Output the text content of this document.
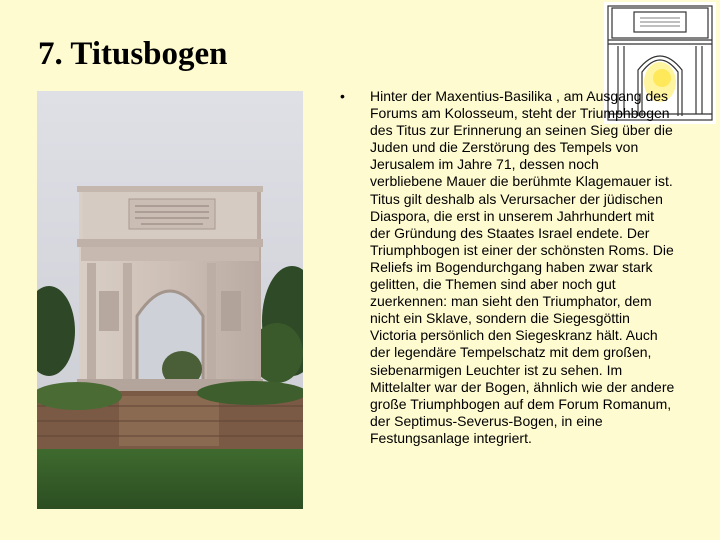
7. Titusbogen
• Hinter der Maxentius-Basilika , am Ausgang des Forums am Kolosseum, steht der Triumphbogen des Titus zur Erinnerung an seinen Sieg über die Juden und die Zerstörung des Tempels von Jerusalem im Jahre 71, dessen noch verbliebene Mauer die berühmte Klagemauer ist. Titus gilt deshalb als Verursacher der jüdischen Diaspora, die erst in unserem Jahrhundert mit der Gründung des Staates Israel endete. Der Triumphbogen ist einer der schönsten Roms. Die Reliefs im Bogendurchgang haben zwar stark gelitten, die Themen sind aber noch gut zuerkennen: man sieht den Triumphator, dem nicht ein Sklave, sondern die Siegesgöttin Victoria persönlich den Siegeskranz hält. Auch der legendäre Tempelschatz mit dem großen, siebenarmigen Leuchter ist zu sehen. Im Mittelalter war der Bogen, ähnlich wie der andere große Triumphbogen auf dem Forum Romanum, der Septimus-Severus-Bogen, in eine Festungsanlage integriert.
